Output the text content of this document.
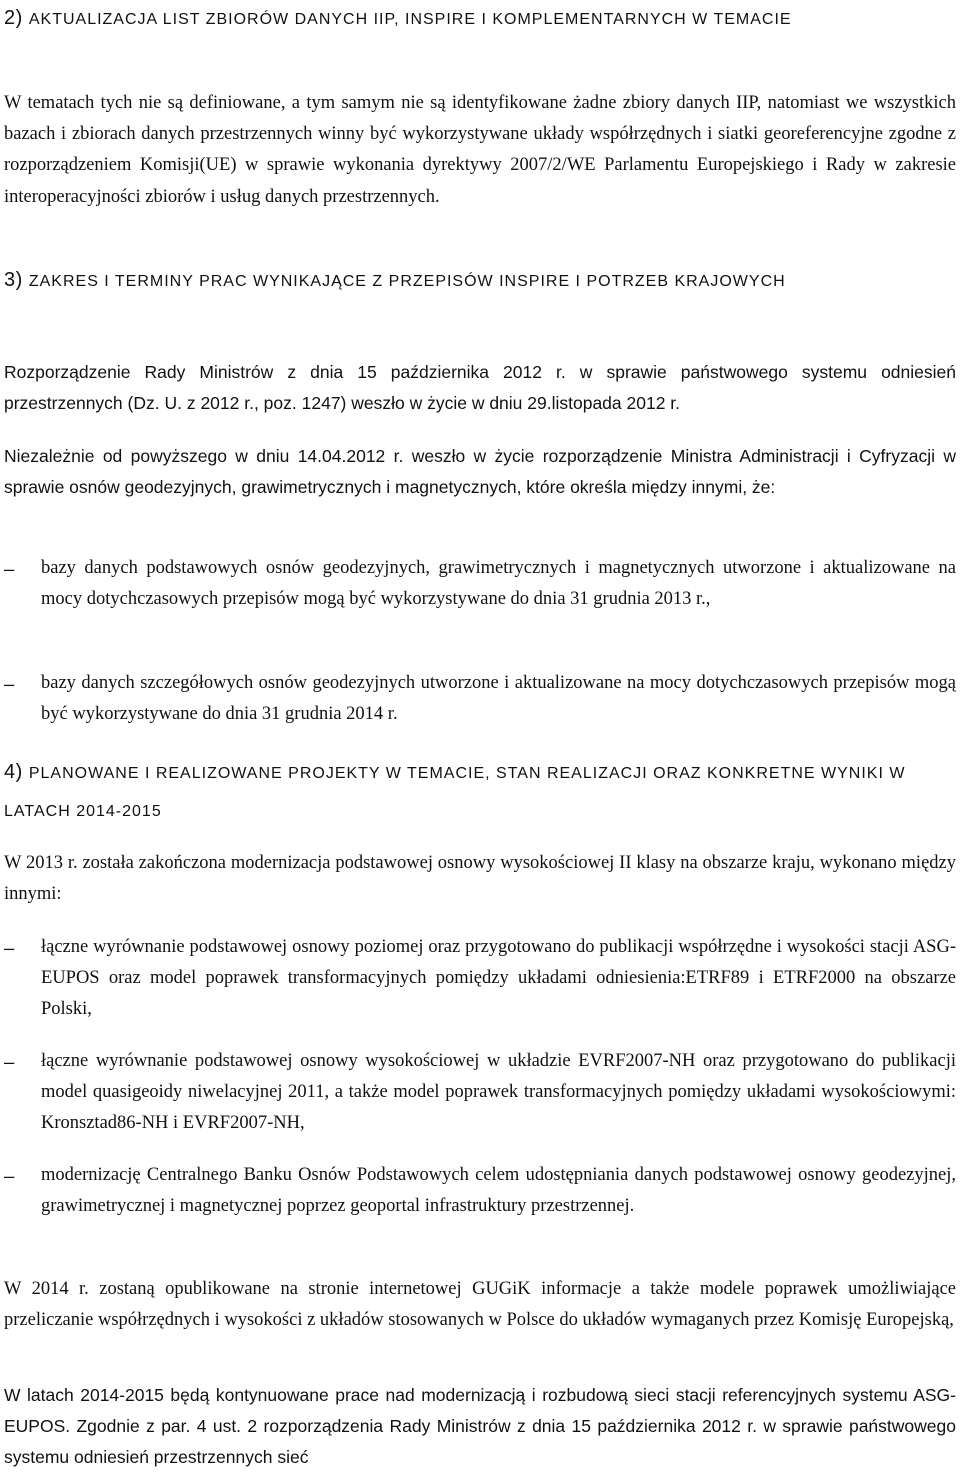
2) AKTUALIZACJA LIST ZBIORÓW DANYCH IIP, INSPIRE I KOMPLEMENTARNYCH W TEMACIE
W tematach tych nie są definiowane, a tym samym nie są identyfikowane żadne zbiory danych IIP, natomiast we wszystkich bazach i zbiorach danych przestrzennych winny być wykorzystywane układy współrzędnych i siatki georeferencyjne zgodne z rozporządzeniem Komisji(UE) w sprawie wykonania dyrektywy 2007/2/WE Parlamentu Europejskiego i Rady w zakresie interoperacyjności zbiorów i usług danych przestrzennych.
3) ZAKRES I TERMINY PRAC WYNIKAJĄCE Z PRZEPISÓW INSPIRE I POTRZEB KRAJOWYCH
Rozporządzenie Rady Ministrów z dnia 15 października 2012 r. w sprawie państwowego systemu odniesień przestrzennych (Dz. U. z 2012 r., poz. 1247) weszło w życie w dniu 29.listopada 2012 r.
Niezależnie od powyższego w dniu 14.04.2012 r. weszło w życie rozporządzenie Ministra Administracji i Cyfryzacji w sprawie osnów geodezyjnych, grawimetrycznych i magnetycznych, które określa między innymi, że:
–	bazy danych podstawowych osnów geodezyjnych, grawimetrycznych i magnetycznych utworzone i aktualizowane na mocy dotychczasowych przepisów mogą być wykorzystywane do dnia 31 grudnia 2013 r.,
–	bazy danych szczegółowych osnów geodezyjnych utworzone i aktualizowane na mocy dotychczasowych przepisów mogą być wykorzystywane do dnia 31 grudnia 2014 r.
4) PLANOWANE I REALIZOWANE PROJEKTY W TEMACIE, STAN REALIZACJI ORAZ KONKRETNE WYNIKI W LATACH 2014-2015
W 2013 r. została zakończona modernizacja podstawowej osnowy wysokościowej II klasy na obszarze kraju, wykonano między innymi:
–	łączne wyrównanie podstawowej osnowy poziomej oraz przygotowano do publikacji współrzędne i wysokości stacji ASG-EUPOS oraz model poprawek transformacyjnych pomiędzy układami odniesienia:ETRF89 i ETRF2000 na obszarze Polski,
–	łączne wyrównanie podstawowej osnowy wysokościowej w układzie EVRF2007-NH oraz przygotowano do publikacji model quasigeoidy niwelacyjnej 2011, a także model poprawek transformacyjnych pomiędzy układami wysokościowymi: Kronsztad86-NH i EVRF2007-NH,
–	modernizację Centralnego Banku Osnów Podstawowych celem udostępniania danych podstawowej osnowy geodezyjnej, grawimetrycznej i magnetycznej poprzez geoportal infrastruktury przestrzennej.
W 2014 r. zostaną opublikowane na stronie internetowej GUGiK informacje a także modele poprawek umożliwiające przeliczanie współrzędnych i wysokości z układów stosowanych w Polsce do układów wymaganych przez Komisję Europejską,
W latach 2014-2015 będą kontynuowane prace nad modernizacją i rozbudową sieci stacji referencyjnych systemu ASG-EUPOS. Zgodnie z par. 4 ust. 2 rozporządzenia Rady Ministrów z dnia 15 października 2012 r. w sprawie państwowego systemu odniesień przestrzennych sieć
